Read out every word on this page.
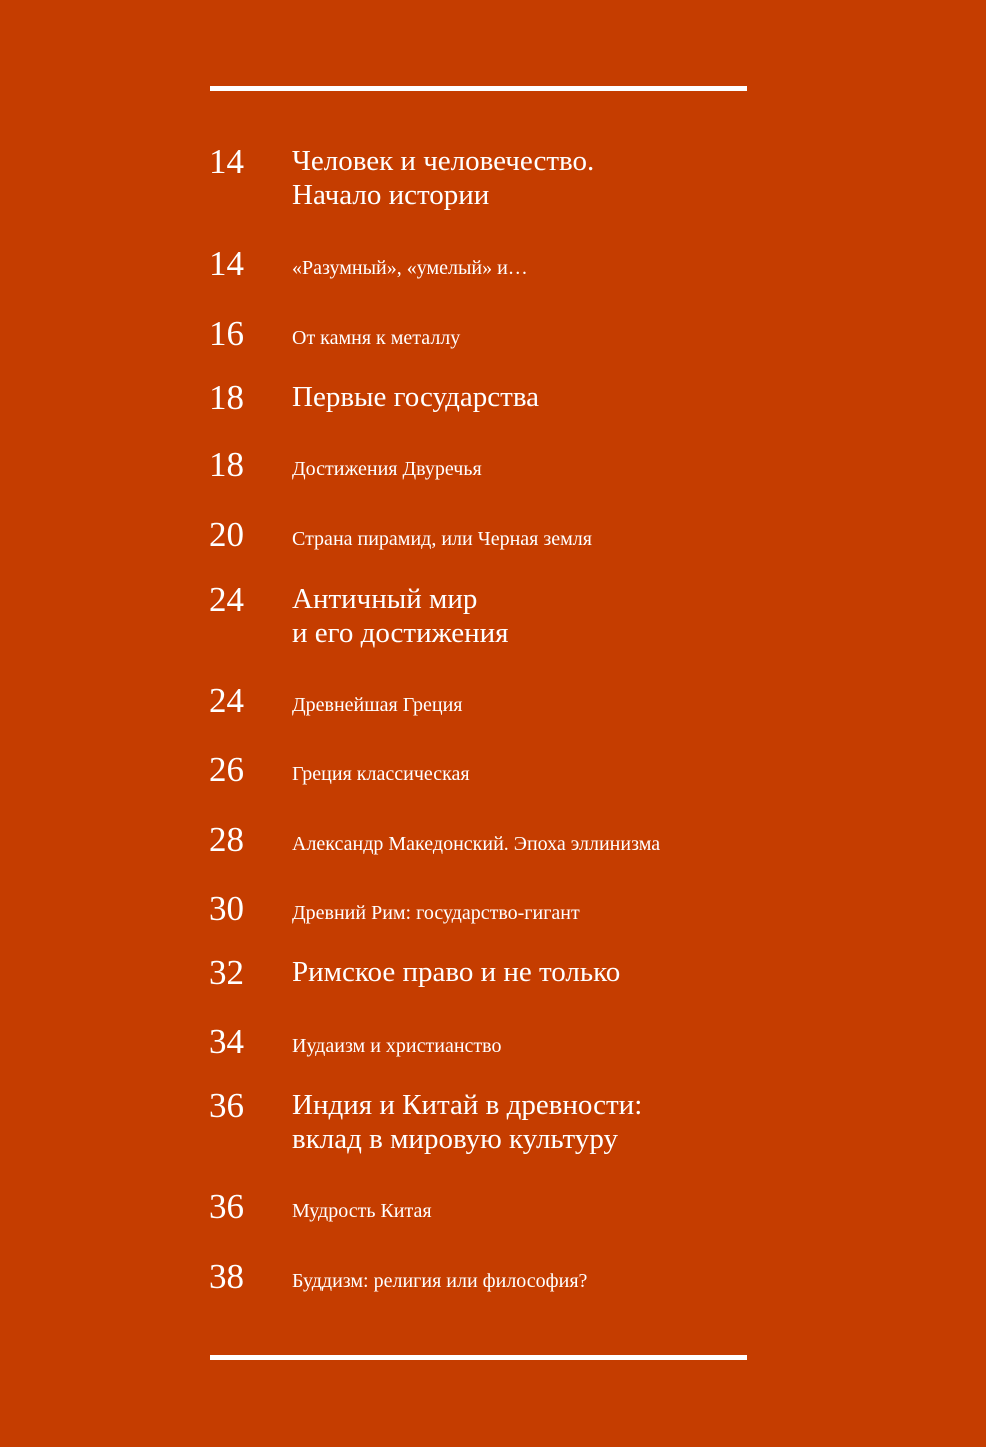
14 Человек и человечество.
Начало истории
14 «Разумный», «умелый» и…
16 От камня к металлу
18 Первые государства
18 Достижения Двуречья
20 Страна пирамид, или Черная земля
24 Античный мир
и его достижения
24 Древнейшая Греция
26 Греция классическая
28 Александр Македонский. Эпоха эллинизма
30 Древний Рим: государство-гигант
32 Римское право и не только
34 Иудаизм и христианство
36 Индия и Китай в древности:
вклад в мировую культуру
36 Мудрость Китая
38 Буддизм: религия или философия?
